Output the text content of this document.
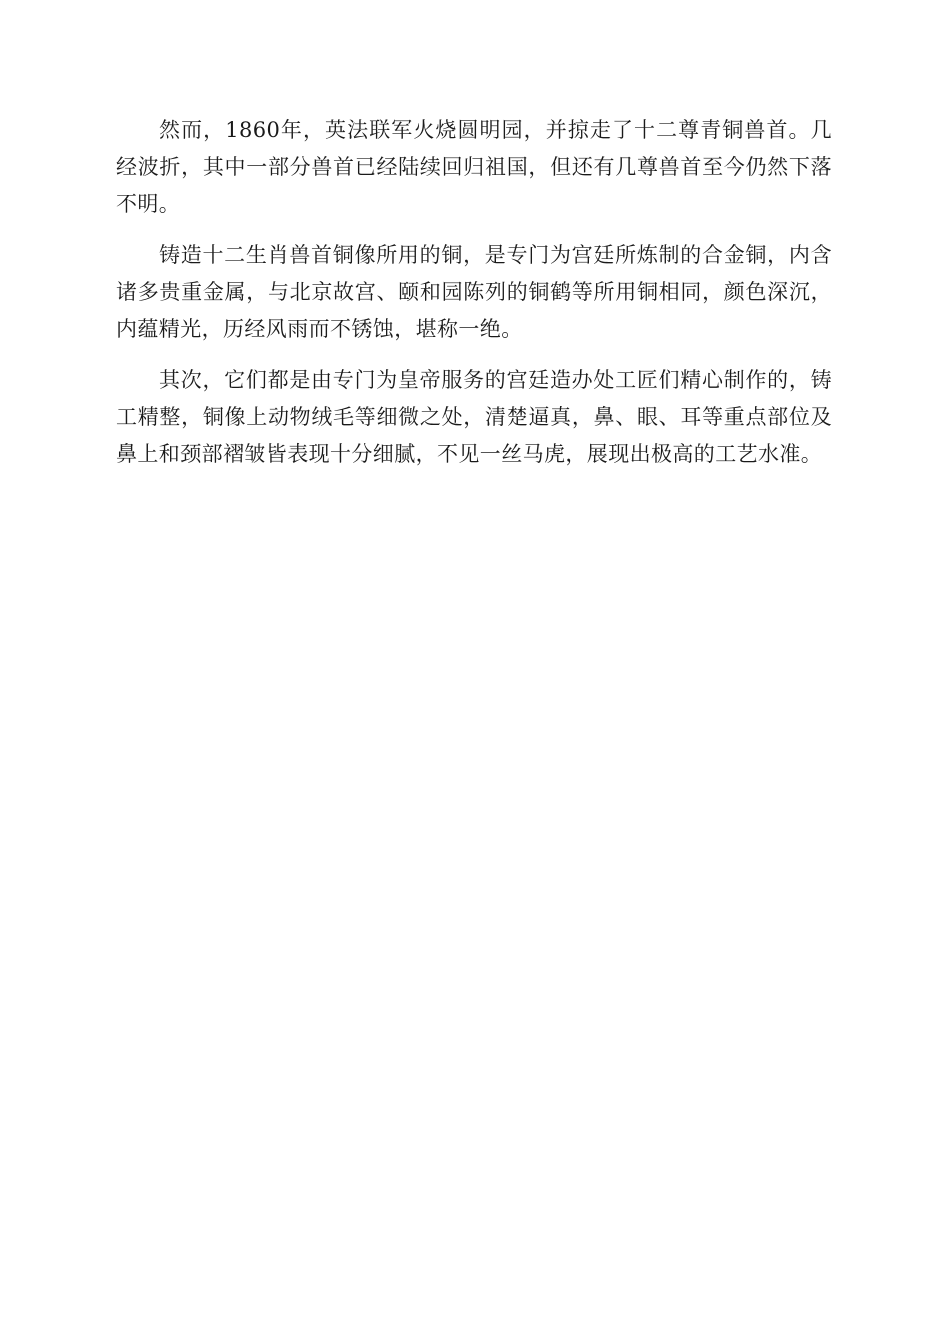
然而，1860年，英法联军火烧圆明园，并掠走了十二尊青铜兽首。几经波折，其中一部分兽首已经陆续回归祖国，但还有几尊兽首至今仍然下落不明。

铸造十二生肖兽首铜像所用的铜，是专门为宫廷所炼制的合金铜，内含诸多贵重金属，与北京故宫、颐和园陈列的铜鹤等所用铜相同，颜色深沉，内蕴精光，历经风雨而不锈蚀，堪称一绝。

其次，它们都是由专门为皇帝服务的宫廷造办处工匠们精心制作的，铸工精整，铜像上动物绒毛等细微之处，清楚逼真，鼻、眼、耳等重点部位及鼻上和颈部褶皱皆表现十分细腻，不见一丝马虎，展现出极高的工艺水准。
